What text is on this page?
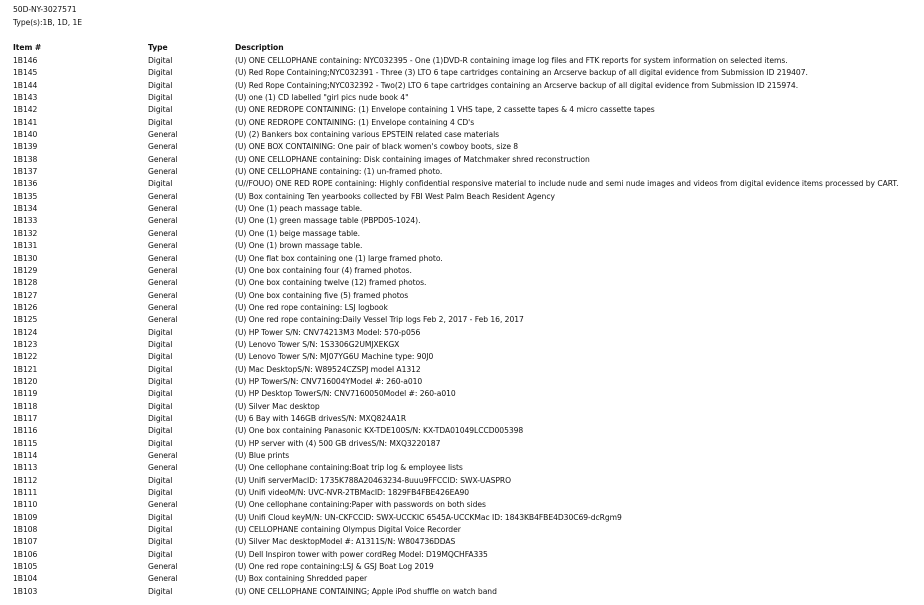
50D-NY-3027571
Type(s):1B, 1D, 1E
Item #	Type	Description
1B146	Digital	(U) ONE CELLOPHANE containing: NYC032395 - One (1)DVD-R containing image log files and FTK reports for system information on selected items.
1B145	Digital	(U) Red Rope Containing;NYC032391 - Three (3) LTO 6 tape cartridges containing an Arcserve backup of all digital evidence from Submission ID 219407.
1B144	Digital	(U) Red Rope Containing;NYC032392 - Two(2) LTO 6 tape cartridges containing an Arcserve backup of all digital evidence from Submission ID 215974.
1B143	Digital	(U) one (1) CD labelled "girl pics nude book 4"
1B142	Digital	(U) ONE REDROPE CONTAINING: (1) Envelope containing 1 VHS tape, 2 cassette tapes & 4 micro cassette tapes
1B141	Digital	(U) ONE REDROPE CONTAINING: (1) Envelope containing 4 CD's
1B140	General	(U) (2) Bankers box containing various EPSTEIN related case materials
1B139	General	(U) ONE BOX CONTAINING: One pair of black women's cowboy boots, size 8
1B138	General	(U) ONE CELLOPHANE containing: Disk containing images of Matchmaker shred reconstruction
1B137	General	(U) ONE CELLOPHANE containing: (1) un-framed photo.
1B136	Digital	(U//FOUO) ONE RED ROPE containing: Highly confidential responsive material to include nude and semi nude images and videos from digital evidence items processed by CART.
1B135	General	(U) Box containing Ten yearbooks collected by FBI West Palm Beach Resident Agency
1B134	General	(U) One (1) peach massage table.
1B133	General	(U) One (1) green massage table (PBPD05-1024).
1B132	General	(U) One (1) beige massage table.
1B131	General	(U) One (1) brown massage table.
1B130	General	(U) One flat box containing one (1) large framed photo.
1B129	General	(U) One box containing four (4) framed photos.
1B128	General	(U) One box containing twelve (12) framed photos.
1B127	General	(U) One box containing five (5) framed photos
1B126	General	(U) One red rope containing: LSJ logbook
1B125	General	(U) One red rope containing:Daily Vessel Trip logs Feb 2, 2017 - Feb 16, 2017
1B124	Digital	(U) HP Tower S/N: CNV74213M3 Model: 570-p056
1B123	Digital	(U) Lenovo Tower S/N: 1S3306G2UMJXEKGX
1B122	Digital	(U) Lenovo Tower S/N: MJ07YG6U Machine type: 90J0
1B121	Digital	(U) Mac DesktopS/N: W89524CZSPJ model A1312
1B120	Digital	(U) HP TowerS/N: CNV716004YModel #: 260-a010
1B119	Digital	(U) HP Desktop TowerS/N: CNV7160050Model #: 260-a010
1B118	Digital	(U) Silver Mac desktop
1B117	Digital	(U) 6 Bay with 146GB drivesS/N: MXQ824A1R
1B116	Digital	(U) One box containing Panasonic KX-TDE100S/N: KX-TDA01049LCCD005398
1B115	Digital	(U) HP server with (4) 500 GB drivesS/N: MXQ3220187
1B114	General	(U) Blue prints
1B113	General	(U) One cellophane containing:Boat trip log & employee lists
1B112	Digital	(U) Unifi serverMacID: 1735K788A20463234-8uuu9FFCCID: SWX-UASPRO
1B111	Digital	(U) Unifi videoM/N: UVC-NVR-2TBMacID: 1829FB4FBE426EA90
1B110	General	(U) One cellophane containing:Paper with passwords on both sides
1B109	Digital	(U) Unifi Cloud keyM/N: UN-CKFCCID: SWX-UCCKIC 6545A-UCCKMac ID: 1843KB4FBE4D30C69-dcRgm9
1B108	Digital	(U) CELLOPHANE containing Olympus Digital Voice Recorder
1B107	Digital	(U) Silver Mac desktopModel #: A1311S/N: W804736DDAS
1B106	Digital	(U) Dell Inspiron tower with power cordReg Model: D19MQCHFA335
1B105	General	(U) One red rope containing:LSJ & GSJ Boat Log 2019
1B104	General	(U) Box containing Shredded paper
1B103	Digital	(U) ONE CELLOPHANE CONTAINING; Apple iPod shuffle on watch band
